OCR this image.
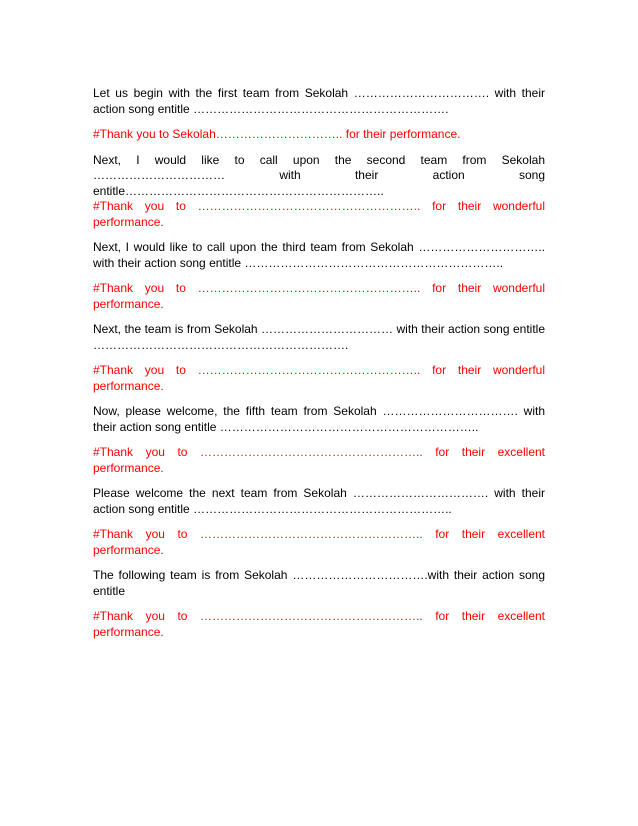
Let us begin with the first team from Sekolah ……………………………. with their action song entitle ……………………………………………………….

#Thank you to Sekolah………………………….. for their performance.

Next, I would like to call upon the second team from Sekolah …………………………… with their action song entitle………………………………………………………..

#Thank you to ……………………………………………….. for their wonderful performance.

Next, I would like to call upon the third team from Sekolah ………………………….. with their action song entitle ………………………………………………………..

#Thank you to ……………………………………………….. for their wonderful performance.

Next, the team is from Sekolah …………………………… with their action song entitle ……………………………………………………….

#Thank you to ……………………………………………….. for their wonderful performance.

Now, please welcome, the fifth team from Sekolah ……………………………. with their action song entitle ………………………………………………………..

#Thank you to ……………………………………………….. for their excellent performance.

Please welcome the next team from Sekolah ……………………………. with their action song entitle ………………………………………………………..

#Thank you to ……………………………………………….. for their excellent performance.

The following team is from Sekolah …………………………….with their action song entitle

#Thank you to ……………………………………………….. for their excellent performance.
